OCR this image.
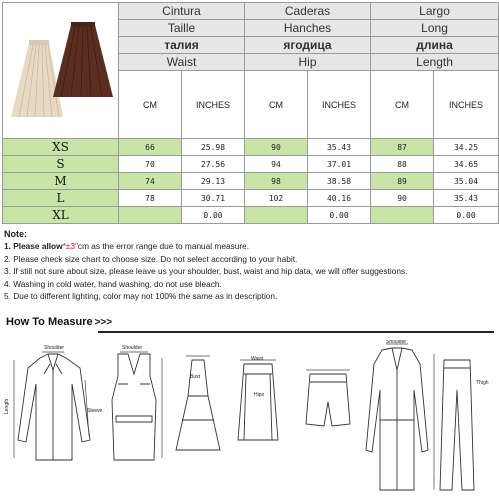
	Cintura		Caderas		Largo	
	Taille		Hanches		Long	
	талия		ягодица		длина	
	Waist		Hip		Length	
	CM	INCHES	CM	INCHES	CM	INCHES
XS	66	25.98	90	35.43	87	34.25
S	70	27.56	94	37.01	88	34.65
M	74	29.13	98	38.58	89	35.04
L	78	30.71	102	40.16	90	35.43
XL		0.00		0.00		0.00
Note:
1. Please allow*±3"cm as the error range due to manual measure.
2. Please check size chart to choose size. Do not select according to your habit.
3. If still not sure about size, please leave us your shoulder, bust, waist and hip data, we will offer suggestions.
4. Washing in cold water, hand washing, do not use bleach.
5. Due to different lighting, color may not 100% the same as in description.
How To Measure >>>
Shoulder	Shoulder
Shoulder
Length	Sleeve
Bust
Waist
Hips
Thigh
